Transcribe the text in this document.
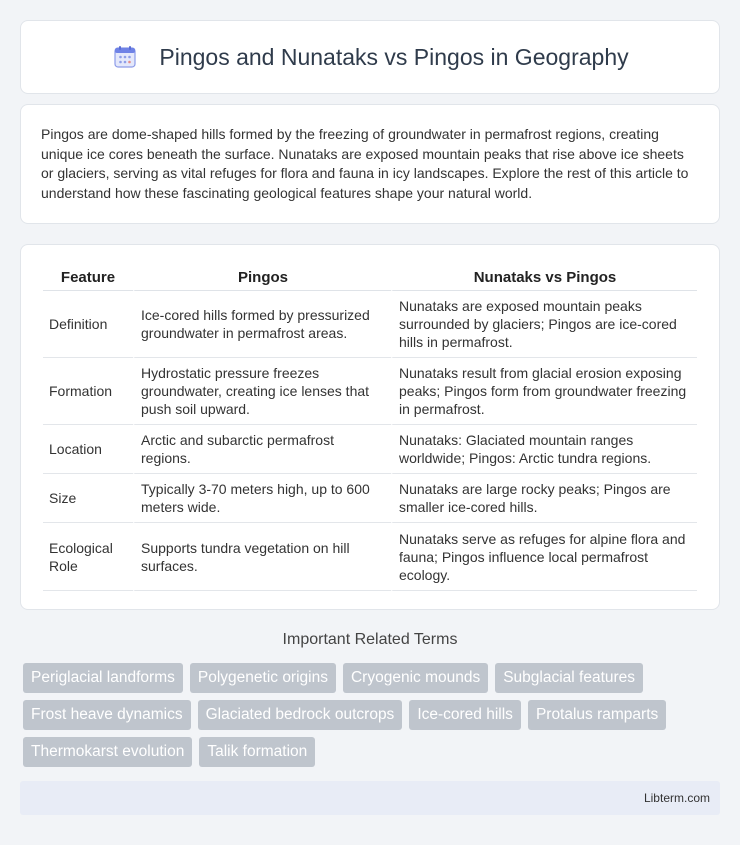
Pingos and Nunataks vs Pingos in Geography

Pingos are dome-shaped hills formed by the freezing of groundwater in permafrost regions, creating unique ice cores beneath the surface. Nunataks are exposed mountain peaks that rise above ice sheets or glaciers, serving as vital refuges for flora and fauna in icy landscapes. Explore the rest of this article to understand how these fascinating geological features shape your natural world.

Feature	Pingos	Nunataks vs Pingos
Definition	Ice-cored hills formed by pressurized groundwater in permafrost areas.	Nunataks are exposed mountain peaks surrounded by glaciers; Pingos are ice-cored hills in permafrost.
Formation	Hydrostatic pressure freezes groundwater, creating ice lenses that push soil upward.	Nunataks result from glacial erosion exposing peaks; Pingos form from groundwater freezing in permafrost.
Location	Arctic and subarctic permafrost regions.	Nunataks: Glaciated mountain ranges worldwide; Pingos: Arctic tundra regions.
Size	Typically 3-70 meters high, up to 600 meters wide.	Nunataks are large rocky peaks; Pingos are smaller ice-cored hills.
Ecological Role	Supports tundra vegetation on hill surfaces.	Nunataks serve as refuges for alpine flora and fauna; Pingos influence local permafrost ecology.
Important Related Terms
Periglacial landforms	Polygenetic origins	Cryogenic mounds	Subglacial features
Frost heave dynamics	Glaciated bedrock outcrops	Ice-cored hills	Protalus ramparts
Thermokarst evolution	Talik formation
Libterm.com
